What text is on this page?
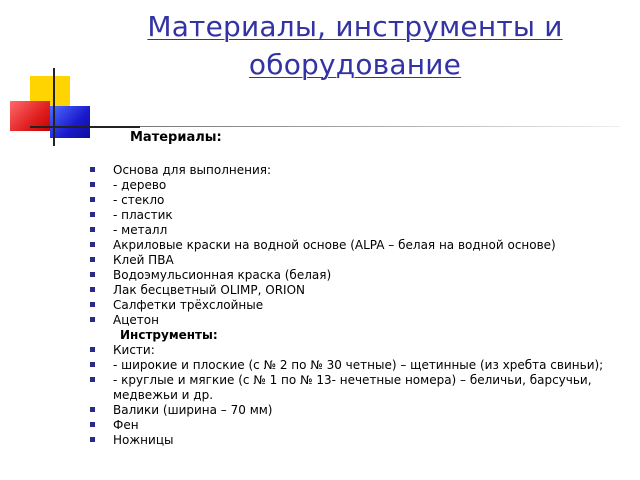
Материалы, инструменты и
оборудование
Материалы:
Основа для выполнения:
- дерево
- стекло
- пластик
- металл
Акриловые краски на водной основе (ALPA – белая на водной основе)
Клей ПВА
Водоэмульсионная краска (белая)
Лак бесцветный OLIMP, ORION
Салфетки трёхслойные
Ацетон
Инструменты:
Кисти:
- широкие и плоские (с № 2 по № 30 четные) – щетинные (из хребта свиньи);
- круглые и мягкие (с № 1 по № 13- нечетные номера) – беличьи, барсучьи, медвежьи и др.
Валики (ширина – 70 мм)
Фен
Ножницы
